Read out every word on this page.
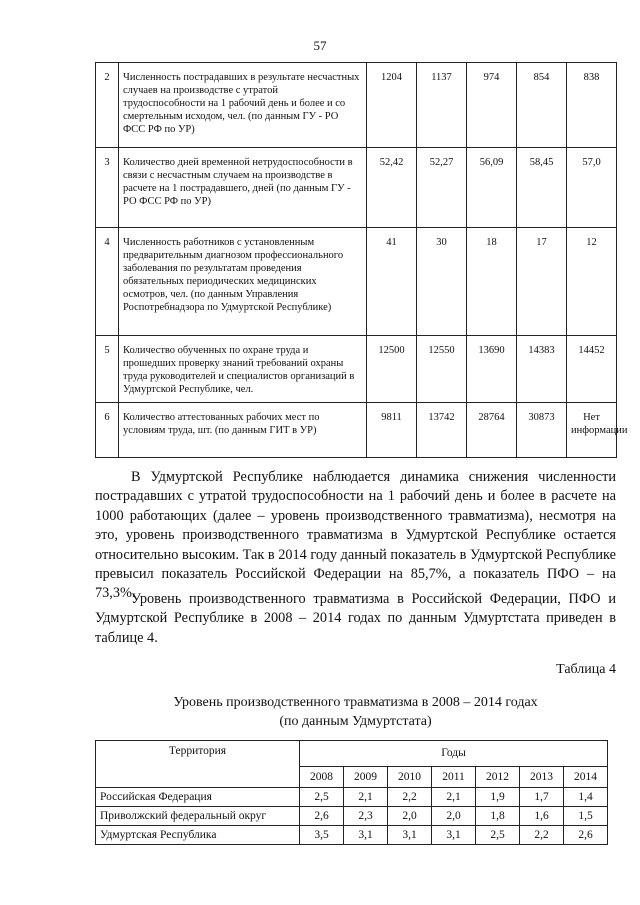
57
2	Численность пострадавших в результате несчастных случаев на производстве с утратой трудоспособности на 1 рабочий день и более и со смертельным исходом, чел. (по данным ГУ - РО ФСС РФ по УР)	1204	1137	974	854	838
3	Количество дней временной нетрудоспособности в связи с несчастным случаем на производстве в расчете на 1 пострадавшего, дней (по данным ГУ - РО ФСС РФ по УР)	52,42	52,27	56,09	58,45	57,0
4	Численность работников с установленным предварительным диагнозом профессионального заболевания по результатам проведения обязательных периодических медицинских осмотров, чел. (по данным Управления Роспотребнадзора по Удмуртской Республике)	41	30	18	17	12
5	Количество обученных по охране труда и прошедших проверку знаний требований охраны труда руководителей и специалистов организаций в Удмуртской Республике, чел.	12500	12550	13690	14383	14452
6	Количество аттестованных рабочих мест по условиям труда, шт. (по данным ГИТ в УР)	9811	13742	28764	30873	Нет информации

В Удмуртской Республике наблюдается динамика снижения численности пострадавших с утратой трудоспособности на 1 рабочий день и более в расчете на 1000 работающих (далее – уровень производственного травматизма), несмотря на это, уровень производственного травматизма в Удмуртской Республике остается относительно высоким. Так в 2014 году данный показатель в Удмуртской Республике превысил показатель Российской Федерации на 85,7%, а показатель ПФО – на 73,3%.

Уровень производственного травматизма в Российской Федерации, ПФО и Удмуртской Республике в 2008 – 2014 годах по данным Удмуртстата приведен в таблице 4.

Таблица 4
Уровень производственного травматизма в 2008 – 2014 годах
(по данным Удмуртстата)
Территория	Годы						
	2008	2009	2010	2011	2012	2013	2014
Российская Федерация	2,5	2,1	2,2	2,1	1,9	1,7	1,4
Приволжский федеральный округ	2,6	2,3	2,0	2,0	1,8	1,6	1,5
Удмуртская Республика	3,5	3,1	3,1	3,1	2,5	2,2	2,6
